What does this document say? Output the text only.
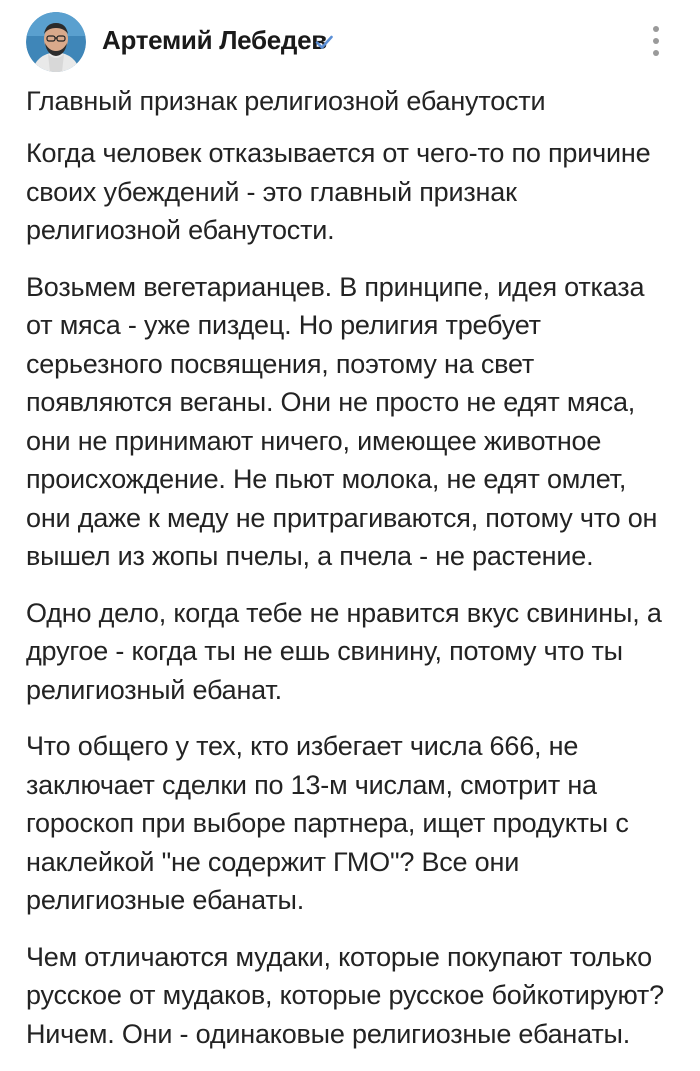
Артемий Лебедев
Главный признак религиозной ебанутости

Когда человек отказывается от чего-то по причине своих убеждений - это главный признак религиозной ебанутости.

Возьмем вегетарианцев. В принципе, идея отказа от мяса - уже пиздец. Но религия требует серьезного посвящения, поэтому на свет появляются веганы. Они не просто не едят мяса, они не принимают ничего, имеющее животное происхождение. Не пьют молока, не едят омлет, они даже к меду не притрагиваются, потому что он вышел из жопы пчелы, а пчела - не растение.

Одно дело, когда тебе не нравится вкус свинины, а другое - когда ты не ешь свинину, потому что ты религиозный ебанат.

Что общего у тех, кто избегает числа 666, не заключает сделки по 13-м числам, смотрит на гороскоп при выборе партнера, ищет продукты с наклейкой "не содержит ГМО"? Все они религиозные ебанаты.

Чем отличаются мудаки, которые покупают только русское от мудаков, которые русское бойкотируют? Ничем. Они - одинаковые религиозные ебанаты.
